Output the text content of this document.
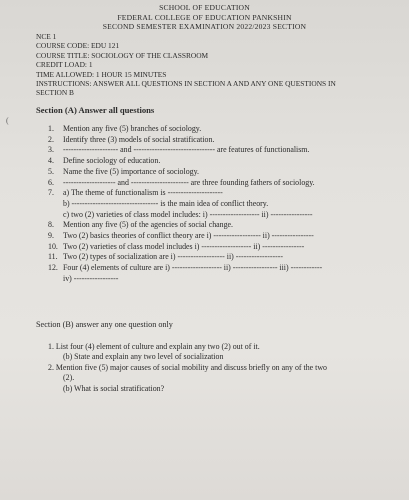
SCHOOL OF EDUCATION
FEDERAL COLLEGE OF EDUCATION PANKSHIN
SECOND SEMESTER EXAMINATION 2022/2023 SECTION
NCE 1
COURSE CODE: EDU 121
COURSE TITLE: SOCIOLOGY OF THE CLASSROOM
CREDIT LOAD: 1
TIME ALLOWED: 1 HOUR 15 MINUTES
INSTRUCTIONS: ANSWER ALL QUESTIONS IN SECTION A AND ANY ONE QUESTIONS IN
SECTION B
(
Section (A) Answer all questions
1. Mention any five (5) branches of sociology.
2. Identify three (3) models of social stratification.
3. --------------------- and ------------------------------- are features of functionalism.
4. Define sociology of education.
5. Name the five (5) importance of sociology.
6. -------------------- and ---------------------- are three founding fathers of sociology.
7. a) The theme of functionalism is ---------------------
b) --------------------------------- is the main idea of conflict theory.
c) two (2) varieties of class model includes: i) ------------------- ii) ----------------
8. Mention any five (5) of the agencies of social change.
9. Two (2) basics theories of conflict theory are i) ------------------ ii) ----------------
10. Two (2) varieties of class model includes i) ------------------- ii) ----------------
11. Two (2) types of socialization are i) ------------------ ii) ------------------
12. Four (4) elements of culture are i) ------------------- ii) ----------------- iii) ------------
iv) -----------------
Section (B) answer any one question only
1. List four (4) element of culture and explain any two (2) out of it.
(b) State and explain any two level of socialization
2. Mention five (5) major causes of social mobility and discuss briefly on any of the two
(2).
(b) What is social stratification?
